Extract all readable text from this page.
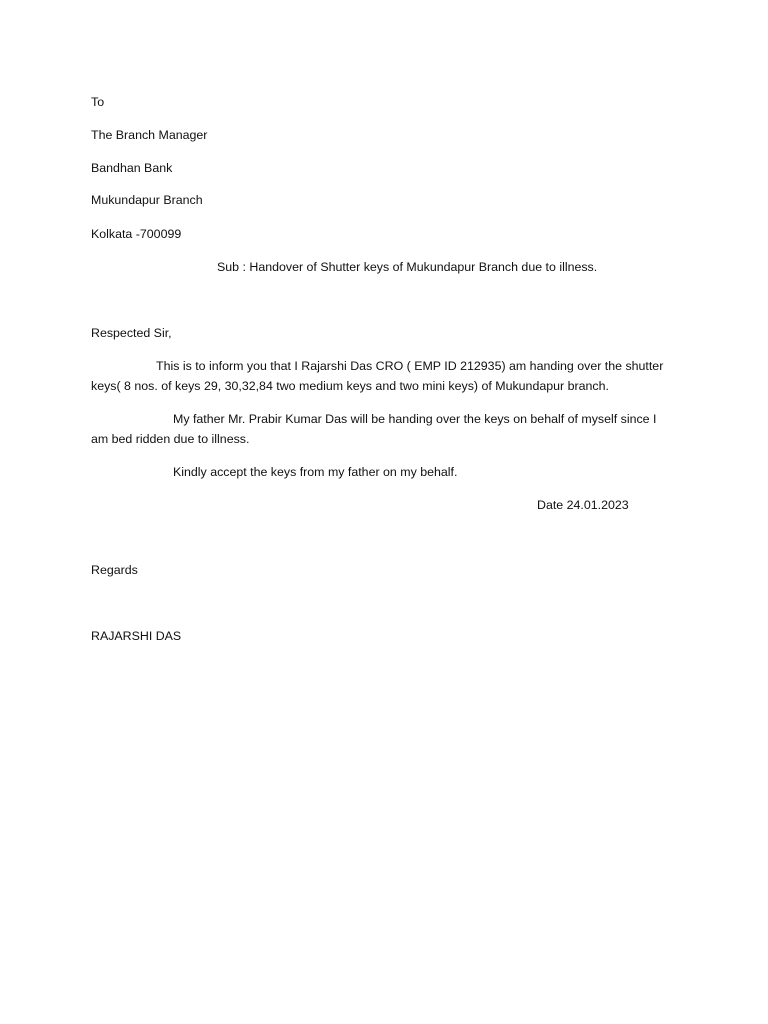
To
The Branch Manager
Bandhan Bank
Mukundapur Branch
Kolkata -700099
Sub : Handover of Shutter keys of Mukundapur Branch due to illness.
Respected Sir,
This is to inform you that I Rajarshi Das CRO ( EMP ID 212935) am handing over the shutter keys( 8 nos. of keys 29, 30,32,84 two medium keys and two mini keys) of Mukundapur branch.
My father Mr. Prabir Kumar Das will be handing over the keys on behalf of myself since I am bed ridden due to illness.
Kindly accept the keys from my father on my behalf.
Date 24.01.2023
Regards
RAJARSHI DAS
